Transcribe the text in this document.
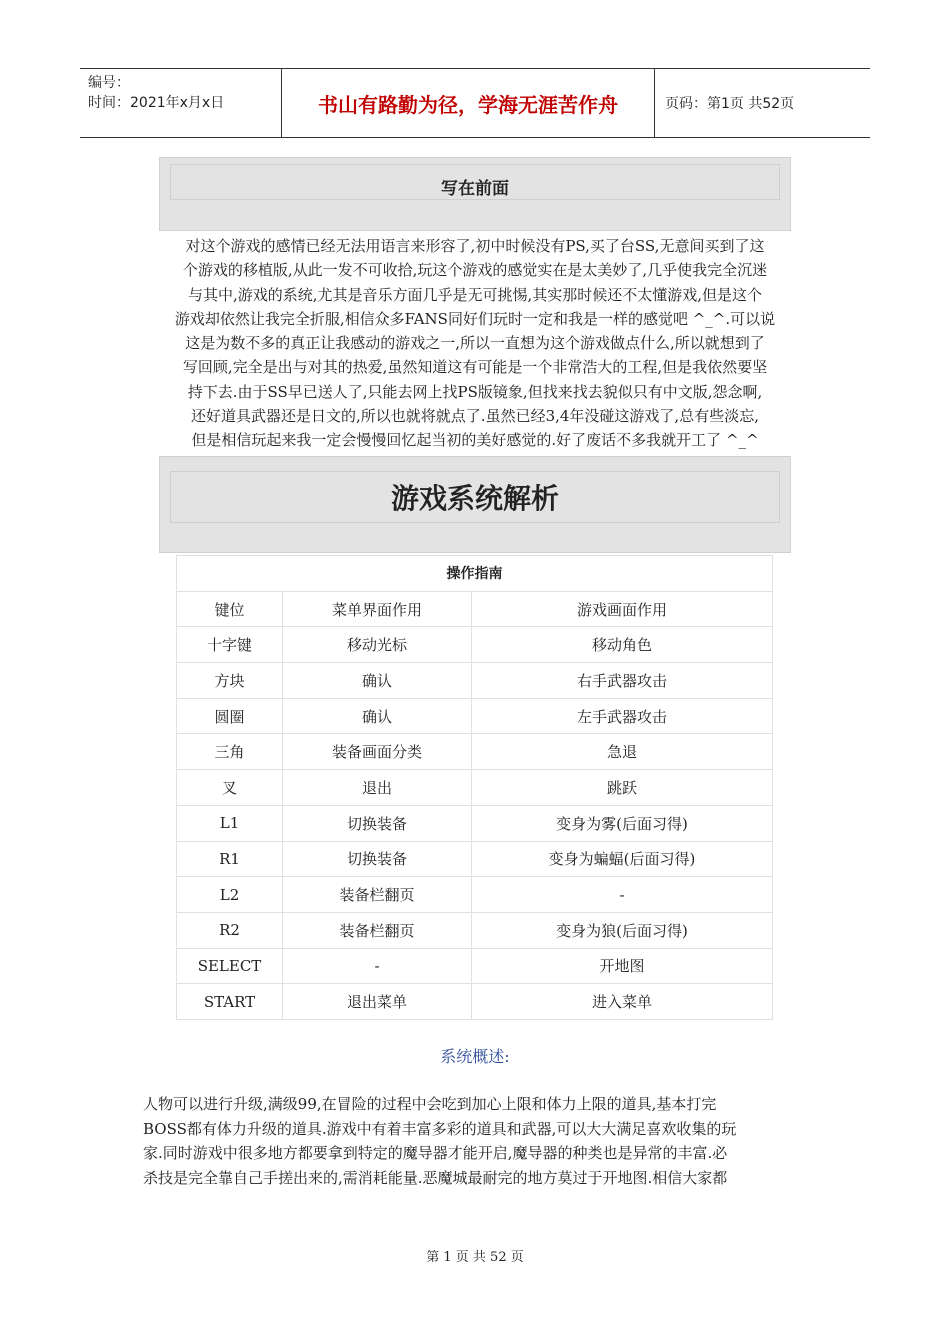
编号：
时间：2021年x月x日	书山有路勤为径，学海无涯苦作舟	页码：第1页 共52页
写在前面
对这个游戏的感情已经无法用语言来形容了,初中时候没有PS,买了台SS,无意间买到了这
个游戏的移植版,从此一发不可收拾,玩这个游戏的感觉实在是太美妙了,几乎使我完全沉迷
与其中,游戏的系统,尤其是音乐方面几乎是无可挑惕,其实那时候还不太懂游戏,但是这个
游戏却依然让我完全折服,相信众多FANS同好们玩时一定和我是一样的感觉吧 ^_^.可以说
这是为数不多的真正让我感动的游戏之一,所以一直想为这个游戏做点什么,所以就想到了
写回顾,完全是出与对其的热爱,虽然知道这有可能是一个非常浩大的工程,但是我依然要坚
持下去.由于SS早已送人了,只能去网上找PS版镜象,但找来找去貌似只有中文版,怨念啊,
还好道具武器还是日文的,所以也就将就点了.虽然已经3,4年没碰这游戏了,总有些淡忘,
但是相信玩起来我一定会慢慢回忆起当初的美好感觉的.好了废话不多我就开工了 ^_^
游戏系统解析
操作指南		
键位	菜单界面作用	游戏画面作用
十字键	移动光标	移动角色
方块	确认	右手武器攻击
圆圈	确认	左手武器攻击
三角	装备画面分类	急退
叉	退出	跳跃
L1	切换装备	变身为雾(后面习得)
R1	切换装备	变身为蝙蝠(后面习得)
L2	装备栏翻页	-
R2	装备栏翻页	变身为狼(后面习得)
SELECT	-	开地图
START	退出菜单	进入菜单
系统概述:
人物可以进行升级,满级99,在冒险的过程中会吃到加心上限和体力上限的道具,基本打完
BOSS都有体力升级的道具.游戏中有着丰富多彩的道具和武器,可以大大满足喜欢收集的玩
家.同时游戏中很多地方都要拿到特定的魔导器才能开启,魔导器的种类也是异常的丰富.必
杀技是完全靠自己手搓出来的,需消耗能量.恶魔城最耐完的地方莫过于开地图.相信大家都
第 1 页 共 52 页
